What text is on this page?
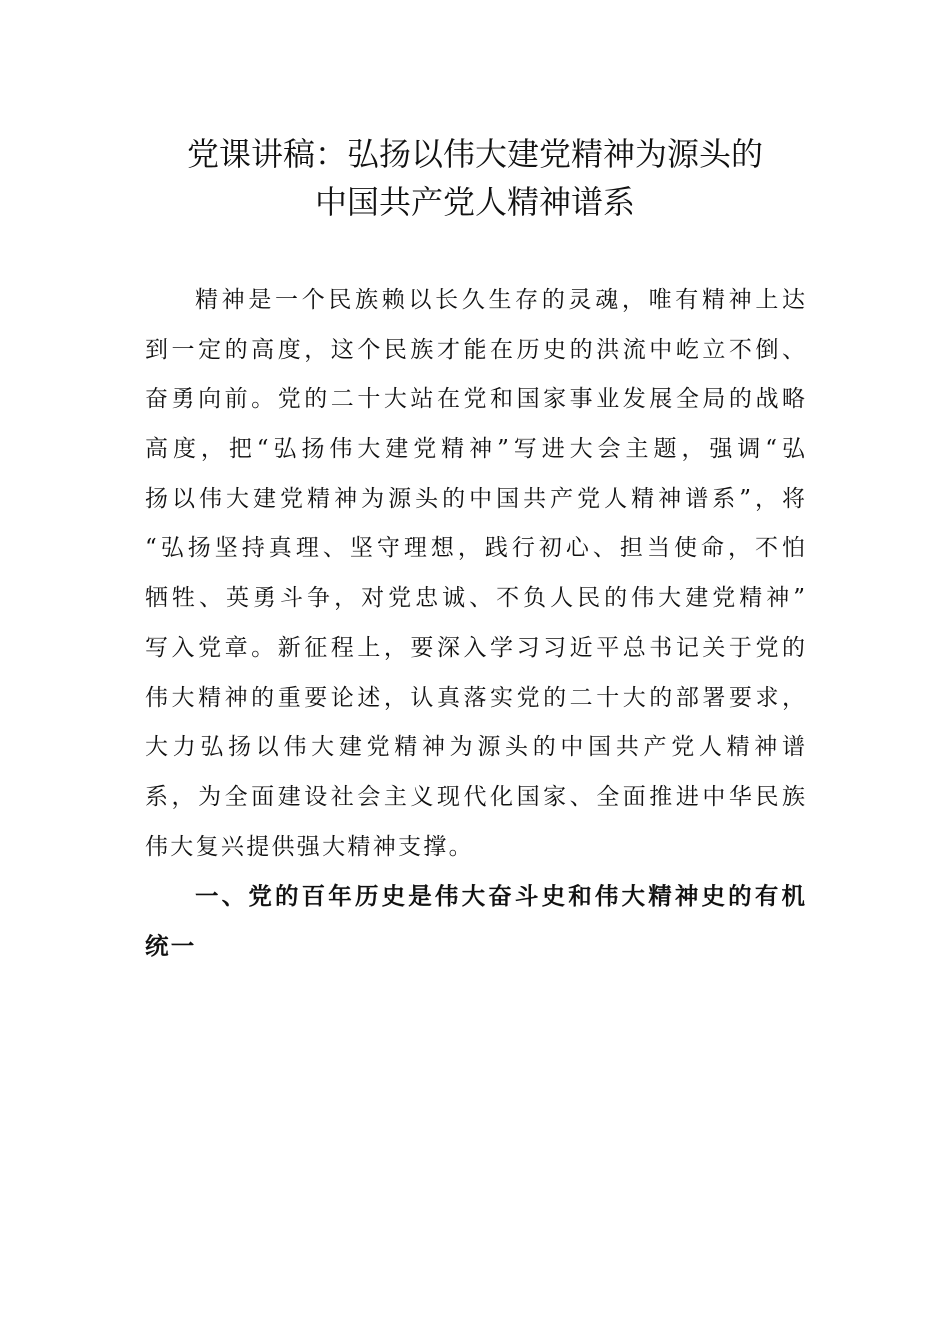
党课讲稿：弘扬以伟大建党精神为源头的
中国共产党人精神谱系
精神是一个民族赖以长久生存的灵魂，唯有精神上达
到一定的高度，这个民族才能在历史的洪流中屹立不倒、
奋勇向前。党的二十大站在党和国家事业发展全局的战略
高度，把“弘扬伟大建党精神”写进大会主题，强调“弘
扬以伟大建党精神为源头的中国共产党人精神谱系”，将
“弘扬坚持真理、坚守理想，践行初心、担当使命，不怕
牺牲、英勇斗争，对党忠诚、不负人民的伟大建党精神”
写入党章。新征程上，要深入学习习近平总书记关于党的
伟大精神的重要论述，认真落实党的二十大的部署要求，
大力弘扬以伟大建党精神为源头的中国共产党人精神谱
系，为全面建设社会主义现代化国家、全面推进中华民族
伟大复兴提供强大精神支撑。
一、党的百年历史是伟大奋斗史和伟大精神史的有机
统一
